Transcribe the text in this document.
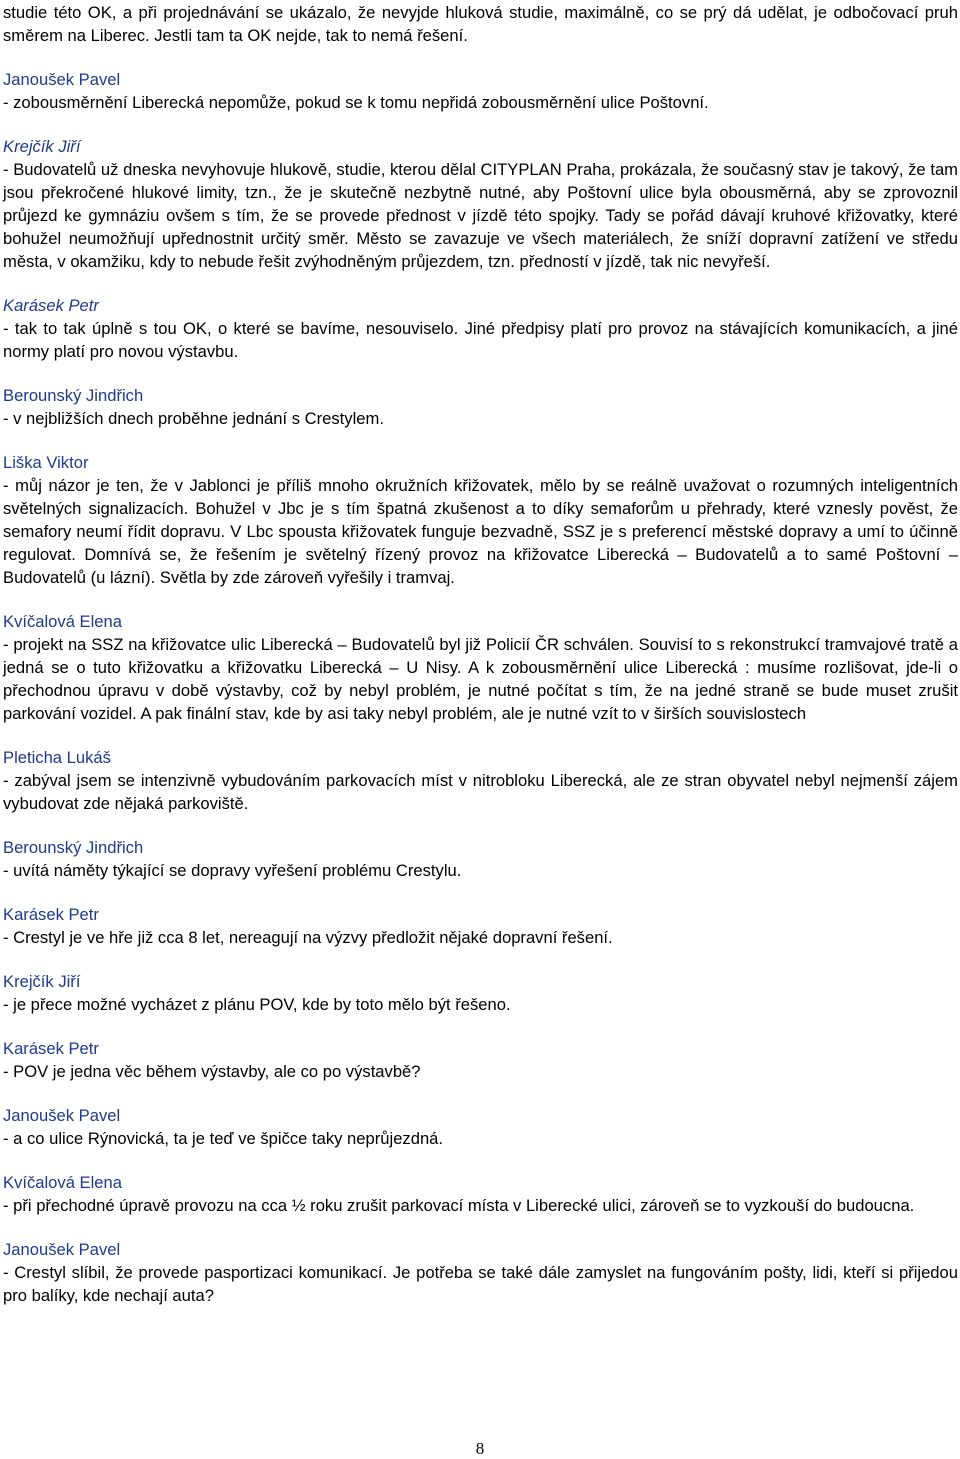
studie této OK, a při projednávání se ukázalo, že nevyjde hluková studie, maximálně, co se prý dá udělat, je odbočovací pruh směrem na Liberec. Jestli tam ta OK nejde, tak to nemá řešení.

Janoušek Pavel

- zobousměrnění Liberecká nepomůže, pokud se k tomu nepřidá zobousměrnění ulice Poštovní.

Krejčík Jiří

- Budovatelů už dneska nevyhovuje hlukově, studie, kterou dělal CITYPLAN Praha, prokázala, že současný stav je takový, že tam jsou překročené hlukové limity, tzn., že je skutečně nezbytně nutné, aby Poštovní ulice byla obousměrná, aby se zprovoznil průjezd ke gymnáziu ovšem s tím, že se provede přednost v jízdě této spojky. Tady se pořád dávají kruhové křižovatky, které bohužel neumožňují upřednostnit určitý směr. Město se zavazuje ve všech materiálech, že sníží dopravní zatížení ve středu města, v okamžiku, kdy to nebude řešit zvýhodněným průjezdem, tzn. předností v jízdě, tak nic nevyřeší.

Karásek Petr

- tak to tak úplně s tou OK, o které se bavíme, nesouviselo. Jiné předpisy platí pro provoz na stávajících komunikacích, a jiné normy platí pro novou výstavbu.

Berounský Jindřich

- v nejbližších dnech proběhne jednání s Crestylem.

Liška Viktor

- můj názor je ten, že v Jablonci je příliš mnoho okružních křižovatek, mělo by se reálně uvažovat o rozumných inteligentních světelných signalizacích. Bohužel v Jbc je s tím špatná zkušenost a to díky semaforům u přehrady, které vznesly pověst, že semafory neumí řídit dopravu. V Lbc spousta křižovatek funguje bezvadně, SSZ je s preferencí městské dopravy a umí to účinně regulovat. Domnívá se, že řešením je světelný řízený provoz na křižovatce Liberecká – Budovatelů a to samé Poštovní – Budovatelů (u lázní). Světla by zde zároveň vyřešily i tramvaj.

Kvíčalová Elena

- projekt na SSZ na křižovatce ulic Liberecká – Budovatelů byl již Policií ČR schválen. Souvisí to s rekonstrukcí tramvajové tratě a jedná se o tuto křižovatku a křižovatku Liberecká – U Nisy. A k zobousměrnění ulice Liberecká : musíme rozlišovat, jde-li o přechodnou úpravu v době výstavby, což by nebyl problém, je nutné počítat s tím, že na jedné straně se bude muset zrušit parkování vozidel. A pak finální stav, kde by asi taky nebyl problém, ale je nutné vzít to v širších souvislostech

Pleticha Lukáš

- zabýval jsem se intenzivně vybudováním parkovacích míst v nitrobloku Liberecká, ale ze stran obyvatel nebyl nejmenší zájem vybudovat zde nějaká parkoviště.

Berounský Jindřich

- uvítá náměty týkající se dopravy vyřešení problému Crestylu.

Karásek Petr

- Crestyl je ve hře již cca 8 let, nereagují na výzvy předložit nějaké dopravní řešení.

Krejčík Jiří

- je přece možné vycházet z plánu POV, kde by toto mělo být řešeno.

Karásek Petr

- POV je jedna věc během výstavby, ale co po výstavbě?

Janoušek Pavel

- a co ulice Rýnovická, ta je teď ve špičce taky neprůjezdná.

Kvíčalová Elena

- při přechodné úpravě provozu na cca ½ roku zrušit parkovací místa v Liberecké ulici, zároveň se to vyzkouší do budoucna.

Janoušek Pavel

- Crestyl slíbil, že provede pasportizaci komunikací. Je potřeba se také dále zamyslet na fungováním pošty, lidi, kteří si přijedou pro balíky, kde nechají auta?

8
